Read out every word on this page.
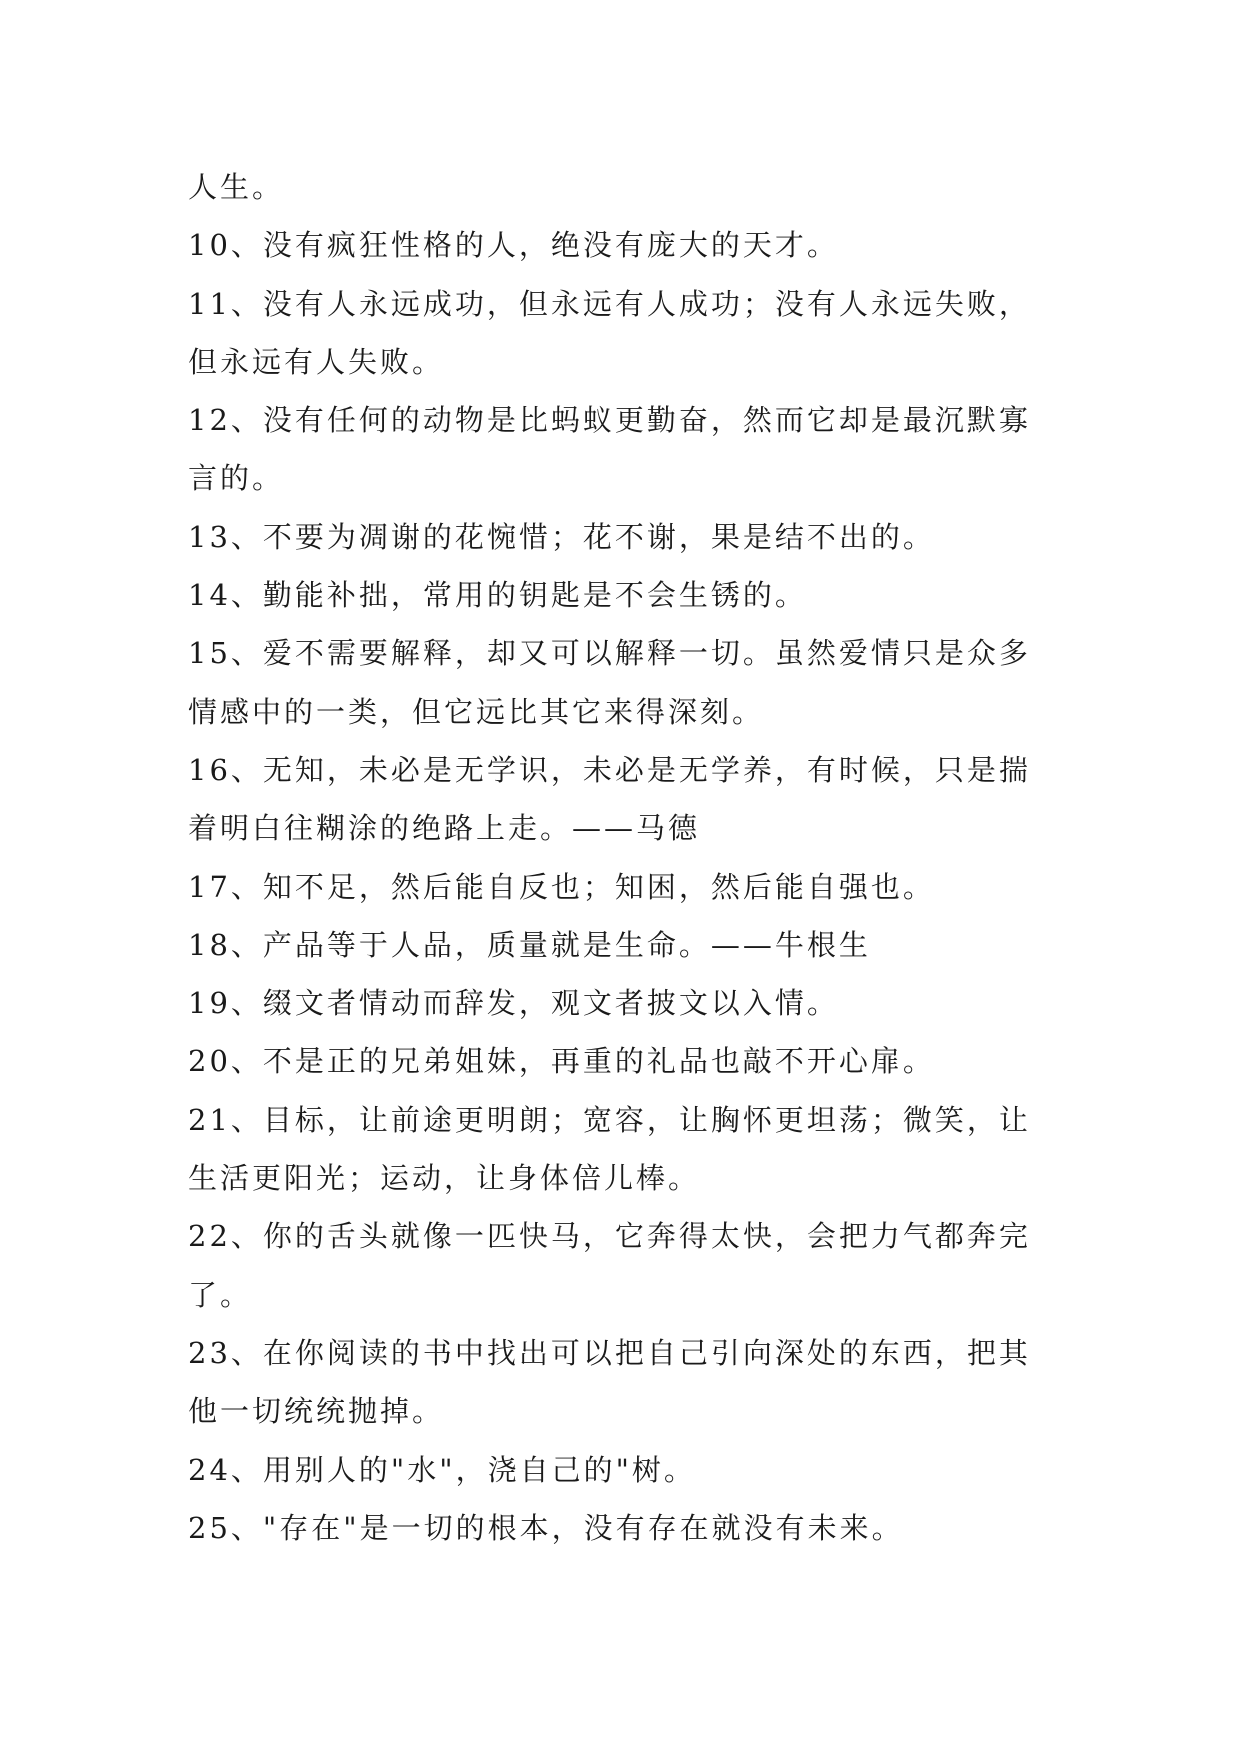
人生。
10、没有疯狂性格的人，绝没有庞大的天才。
11、没有人永远成功，但永远有人成功；没有人永远失败，
但永远有人失败。
12、没有任何的动物是比蚂蚁更勤奋，然而它却是最沉默寡
言的。
13、不要为凋谢的花惋惜；花不谢，果是结不出的。
14、勤能补拙，常用的钥匙是不会生锈的。
15、爱不需要解释，却又可以解释一切。虽然爱情只是众多
情感中的一类，但它远比其它来得深刻。
16、无知，未必是无学识，未必是无学养，有时候，只是揣
着明白往糊涂的绝路上走。——马德
17、知不足，然后能自反也；知困，然后能自强也。
18、产品等于人品，质量就是生命。——牛根生
19、缀文者情动而辞发，观文者披文以入情。
20、不是正的兄弟姐妹，再重的礼品也敲不开心扉。
21、目标，让前途更明朗；宽容，让胸怀更坦荡；微笑，让
生活更阳光；运动，让身体倍儿棒。
22、你的舌头就像一匹快马，它奔得太快，会把力气都奔完
了。
23、在你阅读的书中找出可以把自己引向深处的东西，把其
他一切统统抛掉。
24、用别人的"水"，浇自己的"树。
25、"存在"是一切的根本，没有存在就没有未来。
